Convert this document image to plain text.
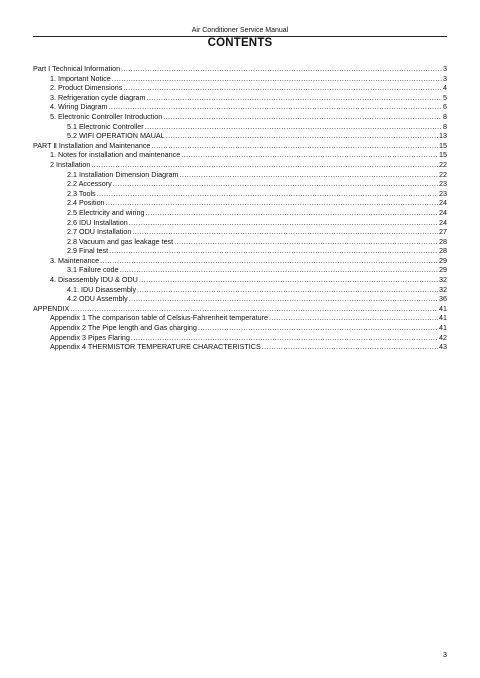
Air Conditioner Service Manual
CONTENTS
Part Ⅰ Technical Information .....	3
1. Important Notice .....	3
2. Product Dimensions .....	4
3. Refrigeration cycle diagram .....	5
4. Wiring Diagram .....	6
5. Electronic Controller Introduction .....	8
5.1 Electronic Controller .....	8
5.2 WIFI OPERATION MAUAL .....	13
PART Ⅱ Installation and Maintenance .....	15
1. Notes for installation and maintenance .....	15
2 Installation .....	22
2.1 Installation Dimension Diagram .....	22
2.2 Accessory .....	23
2.3 Tools .....	23
2.4 Position .....	24
2.5 Electricity and wiring .....	24
2.6 IDU Installation .....	24
2.7 ODU Installation .....	27
2.8 Vacuum and gas leakage test .....	28
2.9 Final test .....	28
3. Maintenance .....	29
3.1 Failure code .....	29
4. Disassembly IDU & ODU .....	32
4.1. IDU Disassembly .....	32
4.2 ODU Assembly .....	36
APPENDIX .....	41
Appendix 1 The comparison table of Celsius-Fahrenheit temperature .....	41
Appendix 2 The Pipe length and Gas charging .....	41
Appendix 3 Pipes Flaring .....	42
Appendix 4 THERMISTOR TEMPERATURE CHARACTERISTICS .....	43
3
